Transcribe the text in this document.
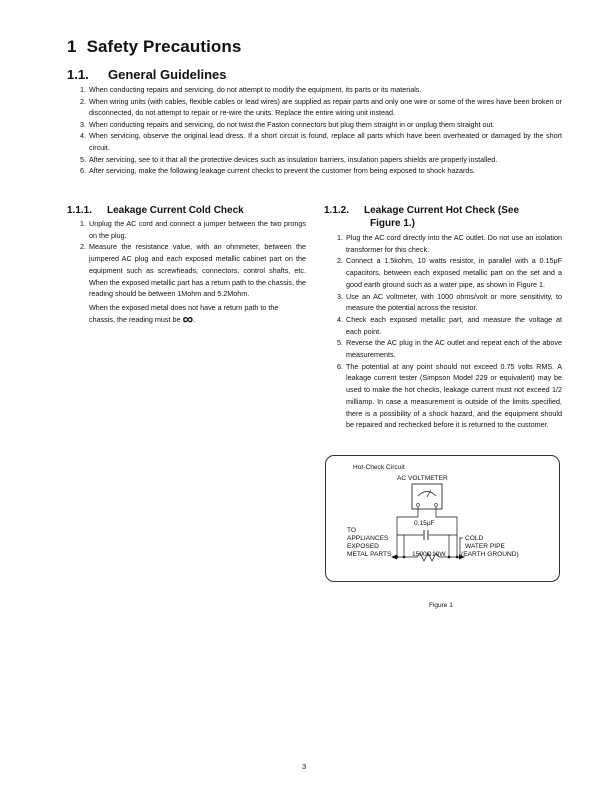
1 Safety Precautions
1.1. General Guidelines
1. When conducting repairs and servicing, do not attempt to modify the equipment, its parts or its materials.
2. When wiring units (with cables, flexible cables or lead wires) are supplied as repair parts and only one wire or some of the wires have been broken or disconnected, do not attempt to repair or re-wire the units. Replace the entire wiring unit instead.
3. When conducting repairs and servicing, do not twist the Faston connectors but plug them straight in or unplug them straight out.
4. When servicing, observe the original lead dress. If a short circuit is found, replace all parts which have been overheated or damaged by the short circuit.
5. After servicing, see to it that all the protective devices such as insulation barriers, insulation papers shields are properly installed.
6. After servicing, make the following leakage current checks to prevent the customer from being exposed to shock hazards.
1.1.1. Leakage Current Cold Check
1. Unplug the AC cord and connect a jumper between the two prongs on the plug.
2. Measure the resistance value, with an ohmmeter, between the jumpered AC plug and each exposed metallic cabinet part on the equipment such as screwheads, connectors, control shafts, etc. When the exposed metallic part has a return path to the chassis, the reading should be between 1Mohm and 5.2Mohm.
When the exposed metal does not have a return path to the chassis, the reading must be ∞.
1.1.2. Leakage Current Hot Check (See
Figure 1.)
1. Plug the AC cord directly into the AC outlet. Do not use an isolation transformer for this check.
2. Connect a 1.5kohm, 10 watts resistor, in parallel with a 0.15μF capacitors, between each exposed metallic part on the set and a good earth ground such as a water pipe, as shown in Figure 1.
3. Use an AC voltmeter, with 1000 ohms/volt or more sensitivity, to measure the potential across the resistor.
4. Check each exposed metallic part, and measure the voltage at each point.
5. Reverse the AC plug in the AC outlet and repeat each of the above measurements.
6. The potential at any point should not exceed 0.75 volts RMS. A leakage current tester (Simpson Model 229 or equivalent) may be used to make the hot checks, leakage current must not exceed 1/2 milliamp. In case a measurement is outside of the limits specified, there is a possibility of a shock hazard, and the equipment should be repaired and rechecked before it is returned to the customer.
Hot-Check Circuit
AC VOLTMETER
0.15μF
TO
APPLIANCES
EXPOSED
METAL PARTS	1500Ω 10W
COLD
WATER PIPE
(EARTH GROUND)

Figure 1

3
